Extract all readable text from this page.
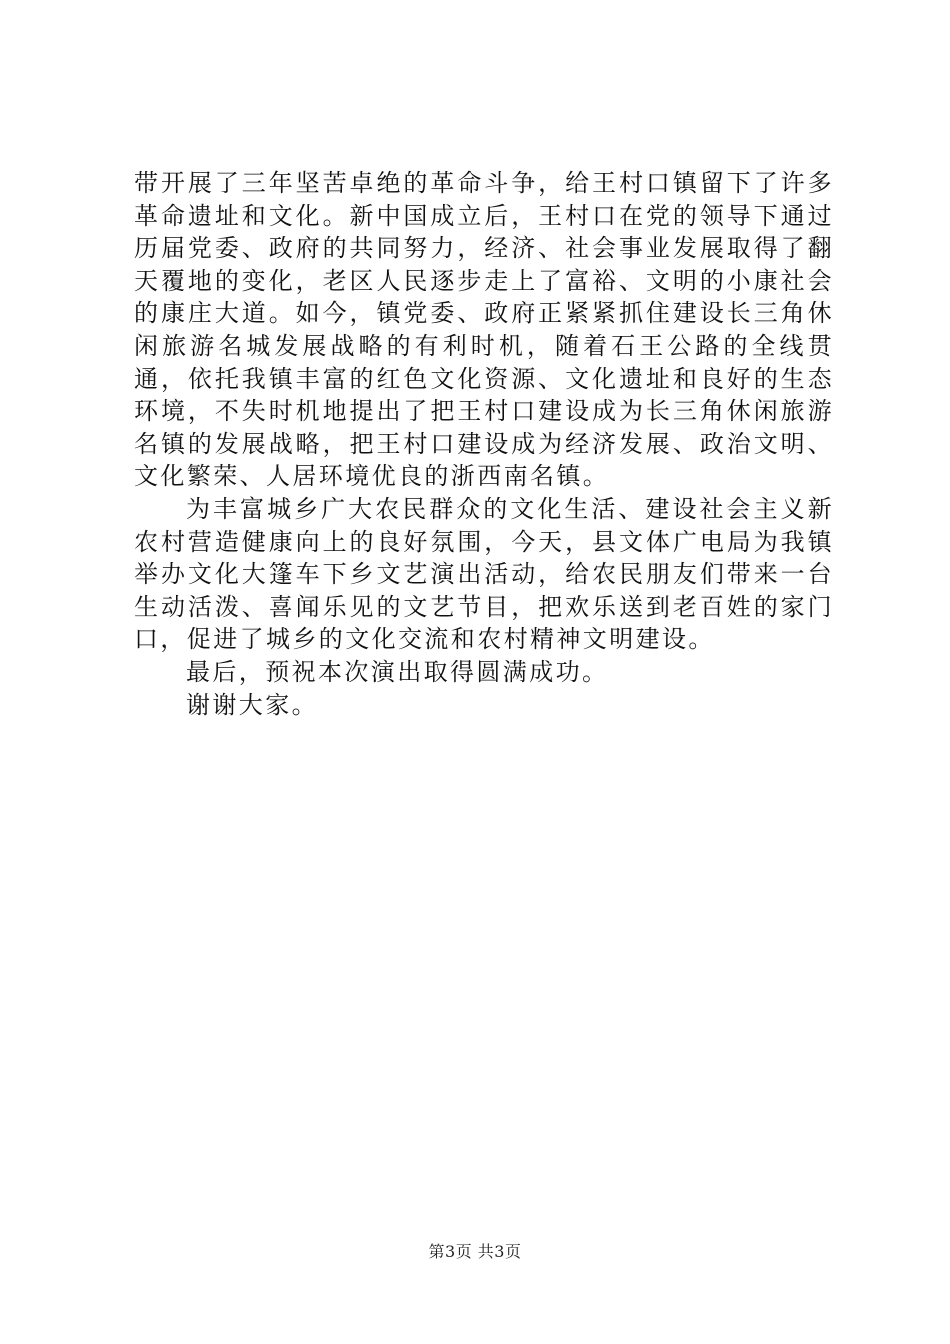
带开展了三年坚苦卓绝的革命斗争，给王村口镇留下了许多革命遗址和文化。新中国成立后，王村口在党的领导下通过历届党委、政府的共同努力，经济、社会事业发展取得了翻天覆地的变化，老区人民逐步走上了富裕、文明的小康社会的康庄大道。如今，镇党委、政府正紧紧抓住建设长三角休闲旅游名城发展战略的有利时机，随着石王公路的全线贯通，依托我镇丰富的红色文化资源、文化遗址和良好的生态环境，不失时机地提出了把王村口建设成为长三角休闲旅游名镇的发展战略，把王村口建设成为经济发展、政治文明、文化繁荣、人居环境优良的浙西南名镇。

为丰富城乡广大农民群众的文化生活、建设社会主义新农村营造健康向上的良好氛围，今天，县文体广电局为我镇举办文化大篷车下乡文艺演出活动，给农民朋友们带来一台生动活泼、喜闻乐见的文艺节目，把欢乐送到老百姓的家门口，促进了城乡的文化交流和农村精神文明建设。

最后，预祝本次演出取得圆满成功。

谢谢大家。

第3页 共3页
